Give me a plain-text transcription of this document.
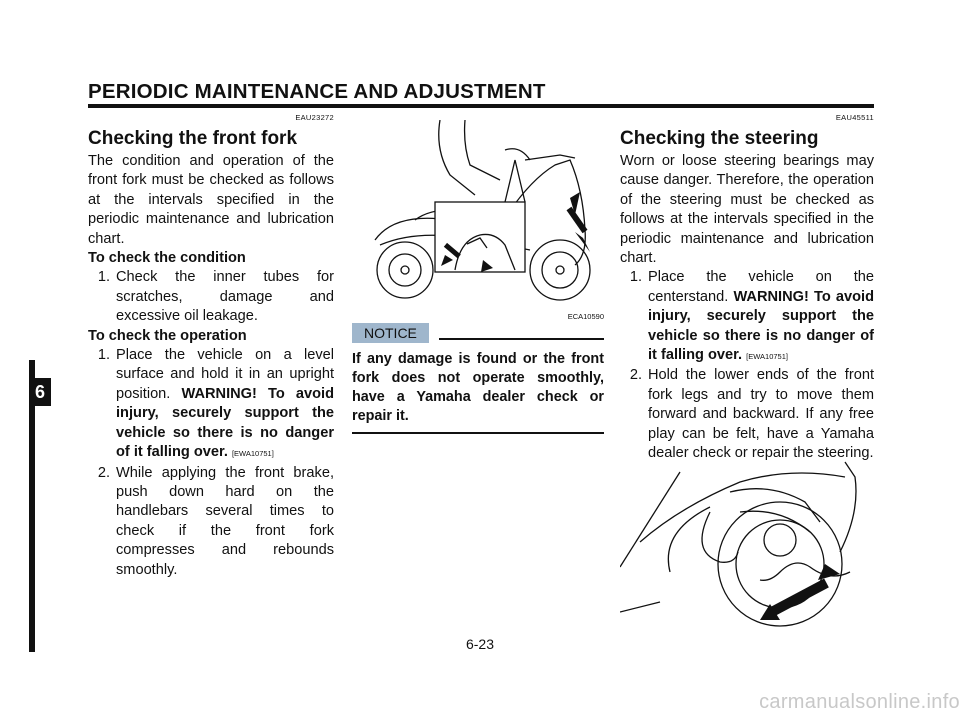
PERIODIC MAINTENANCE AND ADJUSTMENT
6
EAU23272
Checking the front fork
The condition and operation of the front fork must be checked as follows at the intervals specified in the periodic maintenance and lubrication chart.
To check the condition
1. Check the inner tubes for scratches, damage and excessive oil leakage.
To check the operation
1. Place the vehicle on a level surface and hold it in an upright position. WARNING! To avoid injury, securely support the vehicle so there is no danger of it falling over. [EWA10751]
2. While applying the front brake, push down hard on the handlebars several times to check if the front fork compresses and rebounds smoothly.
ECA10590
NOTICE
If any damage is found or the front fork does not operate smoothly, have a Yamaha dealer check or repair it.
EAU45511
Checking the steering
Worn or loose steering bearings may cause danger. Therefore, the operation of the steering must be checked as follows at the intervals specified in the periodic maintenance and lubrication chart.
1. Place the vehicle on the centerstand. WARNING! To avoid injury, securely support the vehicle so there is no danger of it falling over. [EWA10751]
2. Hold the lower ends of the front fork legs and try to move them forward and backward. If any free play can be felt, have a Yamaha dealer check or repair the steering.
6-23
carmanualsonline.info
